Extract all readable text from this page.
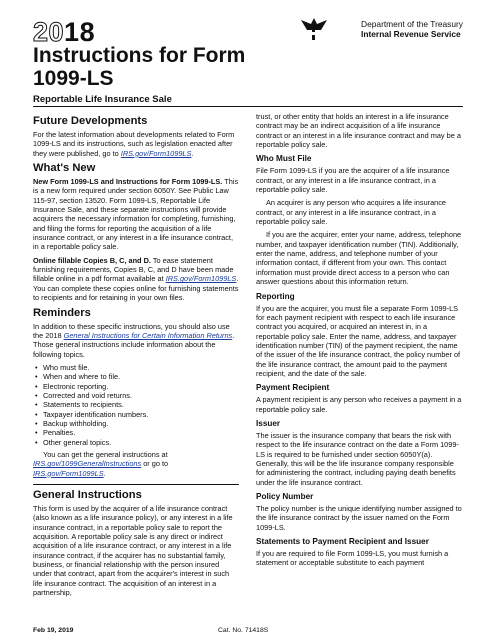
2018
Instructions for Form 1099-LS
Reportable Life Insurance Sale
Department of the Treasury
Internal Revenue Service
Future Developments

For the latest information about developments related to Form 1099-LS and its instructions, such as legislation enacted after they were published, go to IRS.gov/Form1099LS.

What's New

New Form 1099-LS and Instructions for Form 1099-LS. This is a new form required under section 6050Y. See Public Law 115-97, section 13520. Form 1099-LS, Reportable Life Insurance Sale, and these separate instructions will provide acquirers the necessary information for completing, furnishing, and filing the forms for reporting the acquisition of a life insurance contract, or any interest in a life insurance contract, in a reportable policy sale.

Online fillable Copies B, C, and D. To ease statement furnishing requirements, Copies B, C, and D have been made fillable online in a pdf format available at IRS.gov/Form1099LS. You can complete these copies online for furnishing statements to recipients and for retaining in your own files.

Reminders

In addition to these specific instructions, you should also use the 2018 General Instructions for Certain Information Returns. Those general instructions include information about the following topics.

• Who must file.
• When and where to file.
• Electronic reporting.
• Corrected and void returns.
• Statements to recipients.
• Taxpayer identification numbers.
• Backup withholding.
• Penalties.
• Other general topics.

You can get the general instructions at IRS.gov/1099GeneralInstructions or go to IRS.gov/Form1099LS.

General Instructions

This form is used by the acquirer of a life insurance contract (also known as a life insurance policy), or any interest in a life insurance contract, in a reportable policy sale to report the acquisition. A reportable policy sale is any direct or indirect acquisition of a life insurance contract, or any interest in a life insurance contract, if the acquirer has no substantial family, business, or financial relationship with the person insured under that contract, apart from the acquirer's interest in such life insurance contract. The acquisition of an interest in a partnership,

trust, or other entity that holds an interest in a life insurance contract may be an indirect acquisition of a life insurance contract or an interest in a life insurance contract and may be a reportable policy sale.

Who Must File

File Form 1099-LS if you are the acquirer of a life insurance contract, or any interest in a life insurance contract, in a reportable policy sale.

An acquirer is any person who acquires a life insurance contract, or any interest in a life insurance contract, in a reportable policy sale.

If you are the acquirer, enter your name, address, telephone number, and taxpayer identification number (TIN). Additionally, enter the name, address, and telephone number of your information contact, if different from your own. This contact information must provide direct access to a person who can answer questions about this information return.

Reporting

If you are the acquirer, you must file a separate Form 1099-LS for each payment recipient with respect to each life insurance contract you acquired, or acquired an interest in, in a reportable policy sale. Enter the name, address, and taxpayer identification number (TIN) of the payment recipient, the name of the issuer of the life insurance contract, the policy number of the life insurance contract, the amount paid to the payment recipient, and the date of the sale.

Payment Recipient

A payment recipient is any person who receives a payment in a reportable policy sale.

Issuer

The issuer is the insurance company that bears the risk with respect to the life insurance contract on the date a Form 1099-LS is required to be furnished under section 6050Y(a). Generally, this will be the life insurance company responsible for administering the contract, including paying death benefits under the life insurance contract.

Policy Number

The policy number is the unique identifying number assigned to the life insurance contract by the issuer named on the Form 1099-LS.

Statements to Payment Recipient and Issuer

If you are required to file Form 1099-LS, you must furnish a statement or acceptable substitute to each payment

Feb 19, 2019	Cat. No. 71418S
